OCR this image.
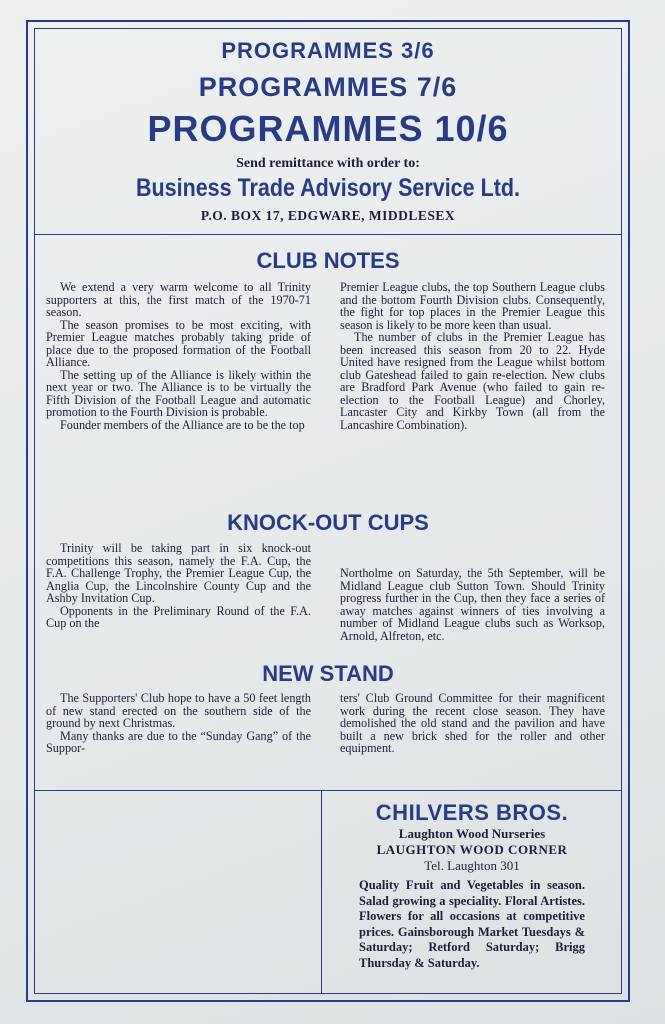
PROGRAMMES 3/6
PROGRAMMES 7/6
PROGRAMMES 10/6
Send remittance with order to:
Business Trade Advisory Service Ltd.
P.O. BOX 17, EDGWARE, MIDDLESEX
CLUB NOTES

We extend a very warm welcome to all Trinity supporters at this, the first match of the 1970-71 season.

The season promises to be most exciting, with Premier League matches probably taking pride of place due to the proposed formation of the Football Alliance.

The setting up of the Alliance is likely within the next year or two. The Alliance is to be virtually the Fifth Division of the Football League and automatic promotion to the Fourth Division is probable.

Founder members of the Alliance are to be the top

Premier League clubs, the top Southern League clubs and the bottom Fourth Division clubs. Consequently, the fight for top places in the Premier League this season is likely to be more keen than usual.

The number of clubs in the Premier League has been increased this season from 20 to 22. Hyde United have resigned from the League whilst bottom club Gateshead failed to gain re-election. New clubs are Bradford Park Avenue (who failed to gain re-election to the Football League) and Chorley, Lancaster City and Kirkby Town (all from the Lancashire Combination).

KNOCK-OUT CUPS

Trinity will be taking part in six knock-out competitions this season, namely the F.A. Cup, the F.A. Challenge Trophy, the Premier League Cup, the Anglia Cup, the Lincolnshire County Cup and the Ashby Invitation Cup.

Opponents in the Preliminary Round of the F.A. Cup on the

Northolme on Saturday, the 5th September, will be Midland League club Sutton Town. Should Trinity progress further in the Cup, then they face a series of away matches against winners of ties involving a number of Midland League clubs such as Worksop, Arnold, Alfreton, etc.

NEW STAND

The Supporters' Club hope to have a 50 feet length of new stand erected on the southern side of the ground by next Christmas.

Many thanks are due to the “Sunday Gang” of the Suppor-

ters' Club Ground Committee for their magnificent work during the recent close season. They have demolished the old stand and the pavilion and have built a new brick shed for the roller and other equipment.

CHILVERS BROS.
Laughton Wood Nurseries
LAUGHTON WOOD CORNER
Tel. Laughton 301
Quality Fruit and Vegetables in season. Salad growing a speciality. Floral Artistes. Flowers for all occasions at competitive prices. Gainsborough Market Tuesdays & Saturday; Retford Saturday; Brigg Thursday & Saturday.
